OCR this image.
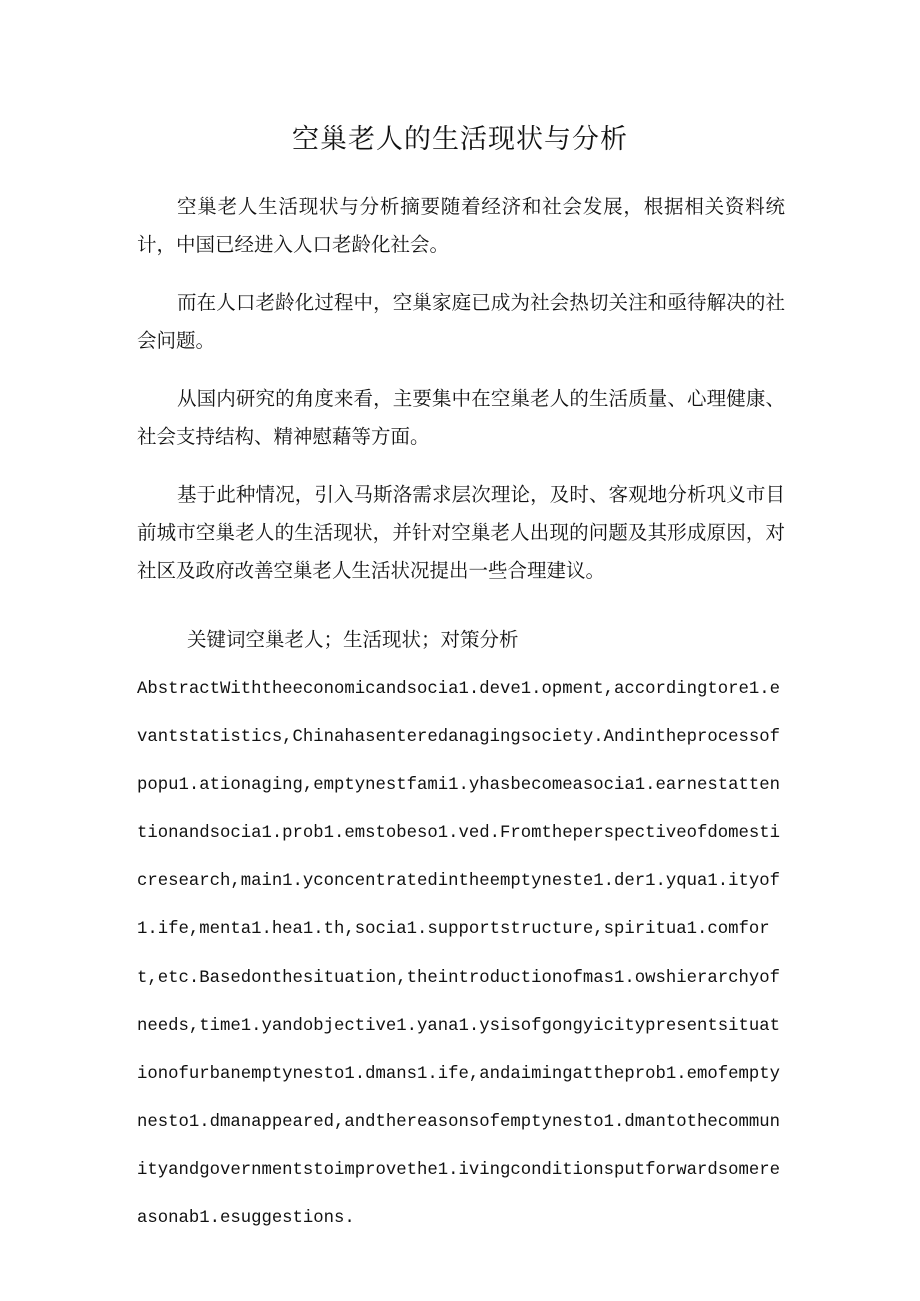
空巢老人的生活现状与分析

空巢老人生活现状与分析摘要随着经济和社会发展，根据相关资料统计，中国已经进入人口老龄化社会。

而在人口老龄化过程中，空巢家庭已成为社会热切关注和亟待解决的社会问题。

从国内研究的角度来看，主要集中在空巢老人的生活质量、心理健康、社会支持结构、精神慰藉等方面。

基于此种情况，引入马斯洛需求层次理论，及时、客观地分析巩义市目前城市空巢老人的生活现状，并针对空巢老人出现的问题及其形成原因，对社区及政府改善空巢老人生活状况提出一些合理建议。

关键词空巢老人；生活现状；对策分析

AbstractWiththeeconomicandsocia1.deve1.opment,accordingtore1.evantstatistics,Chinahasenteredanagingsociety.Andintheprocessofpopu1.ationaging,emptynestfami1.yhasbecomeasocia1.earnestattentionandsocia1.prob1.emstobeso1.ved.Fromtheperspectiveofdomesticresearch,main1.yconcentratedintheemptyneste1.der1.yqua1.ityof1.ife,menta1.hea1.th,socia1.supportstructure,spiritua1.comfort,etc.Basedonthesituation,theintroductionofmas1.owshierarchyofneeds,time1.yandobjective1.yana1.ysisofgongyicitypresentsituationofurbanemptynesto1.dmans1.ife,andaimingattheprob1.emofemptynesto1.dmanappeared,andthereasonsofemptynesto1.dmantothecommunityandgovernmentstoimprovethe1.ivingconditionsputforwardsomereasonab1.esuggestions.
